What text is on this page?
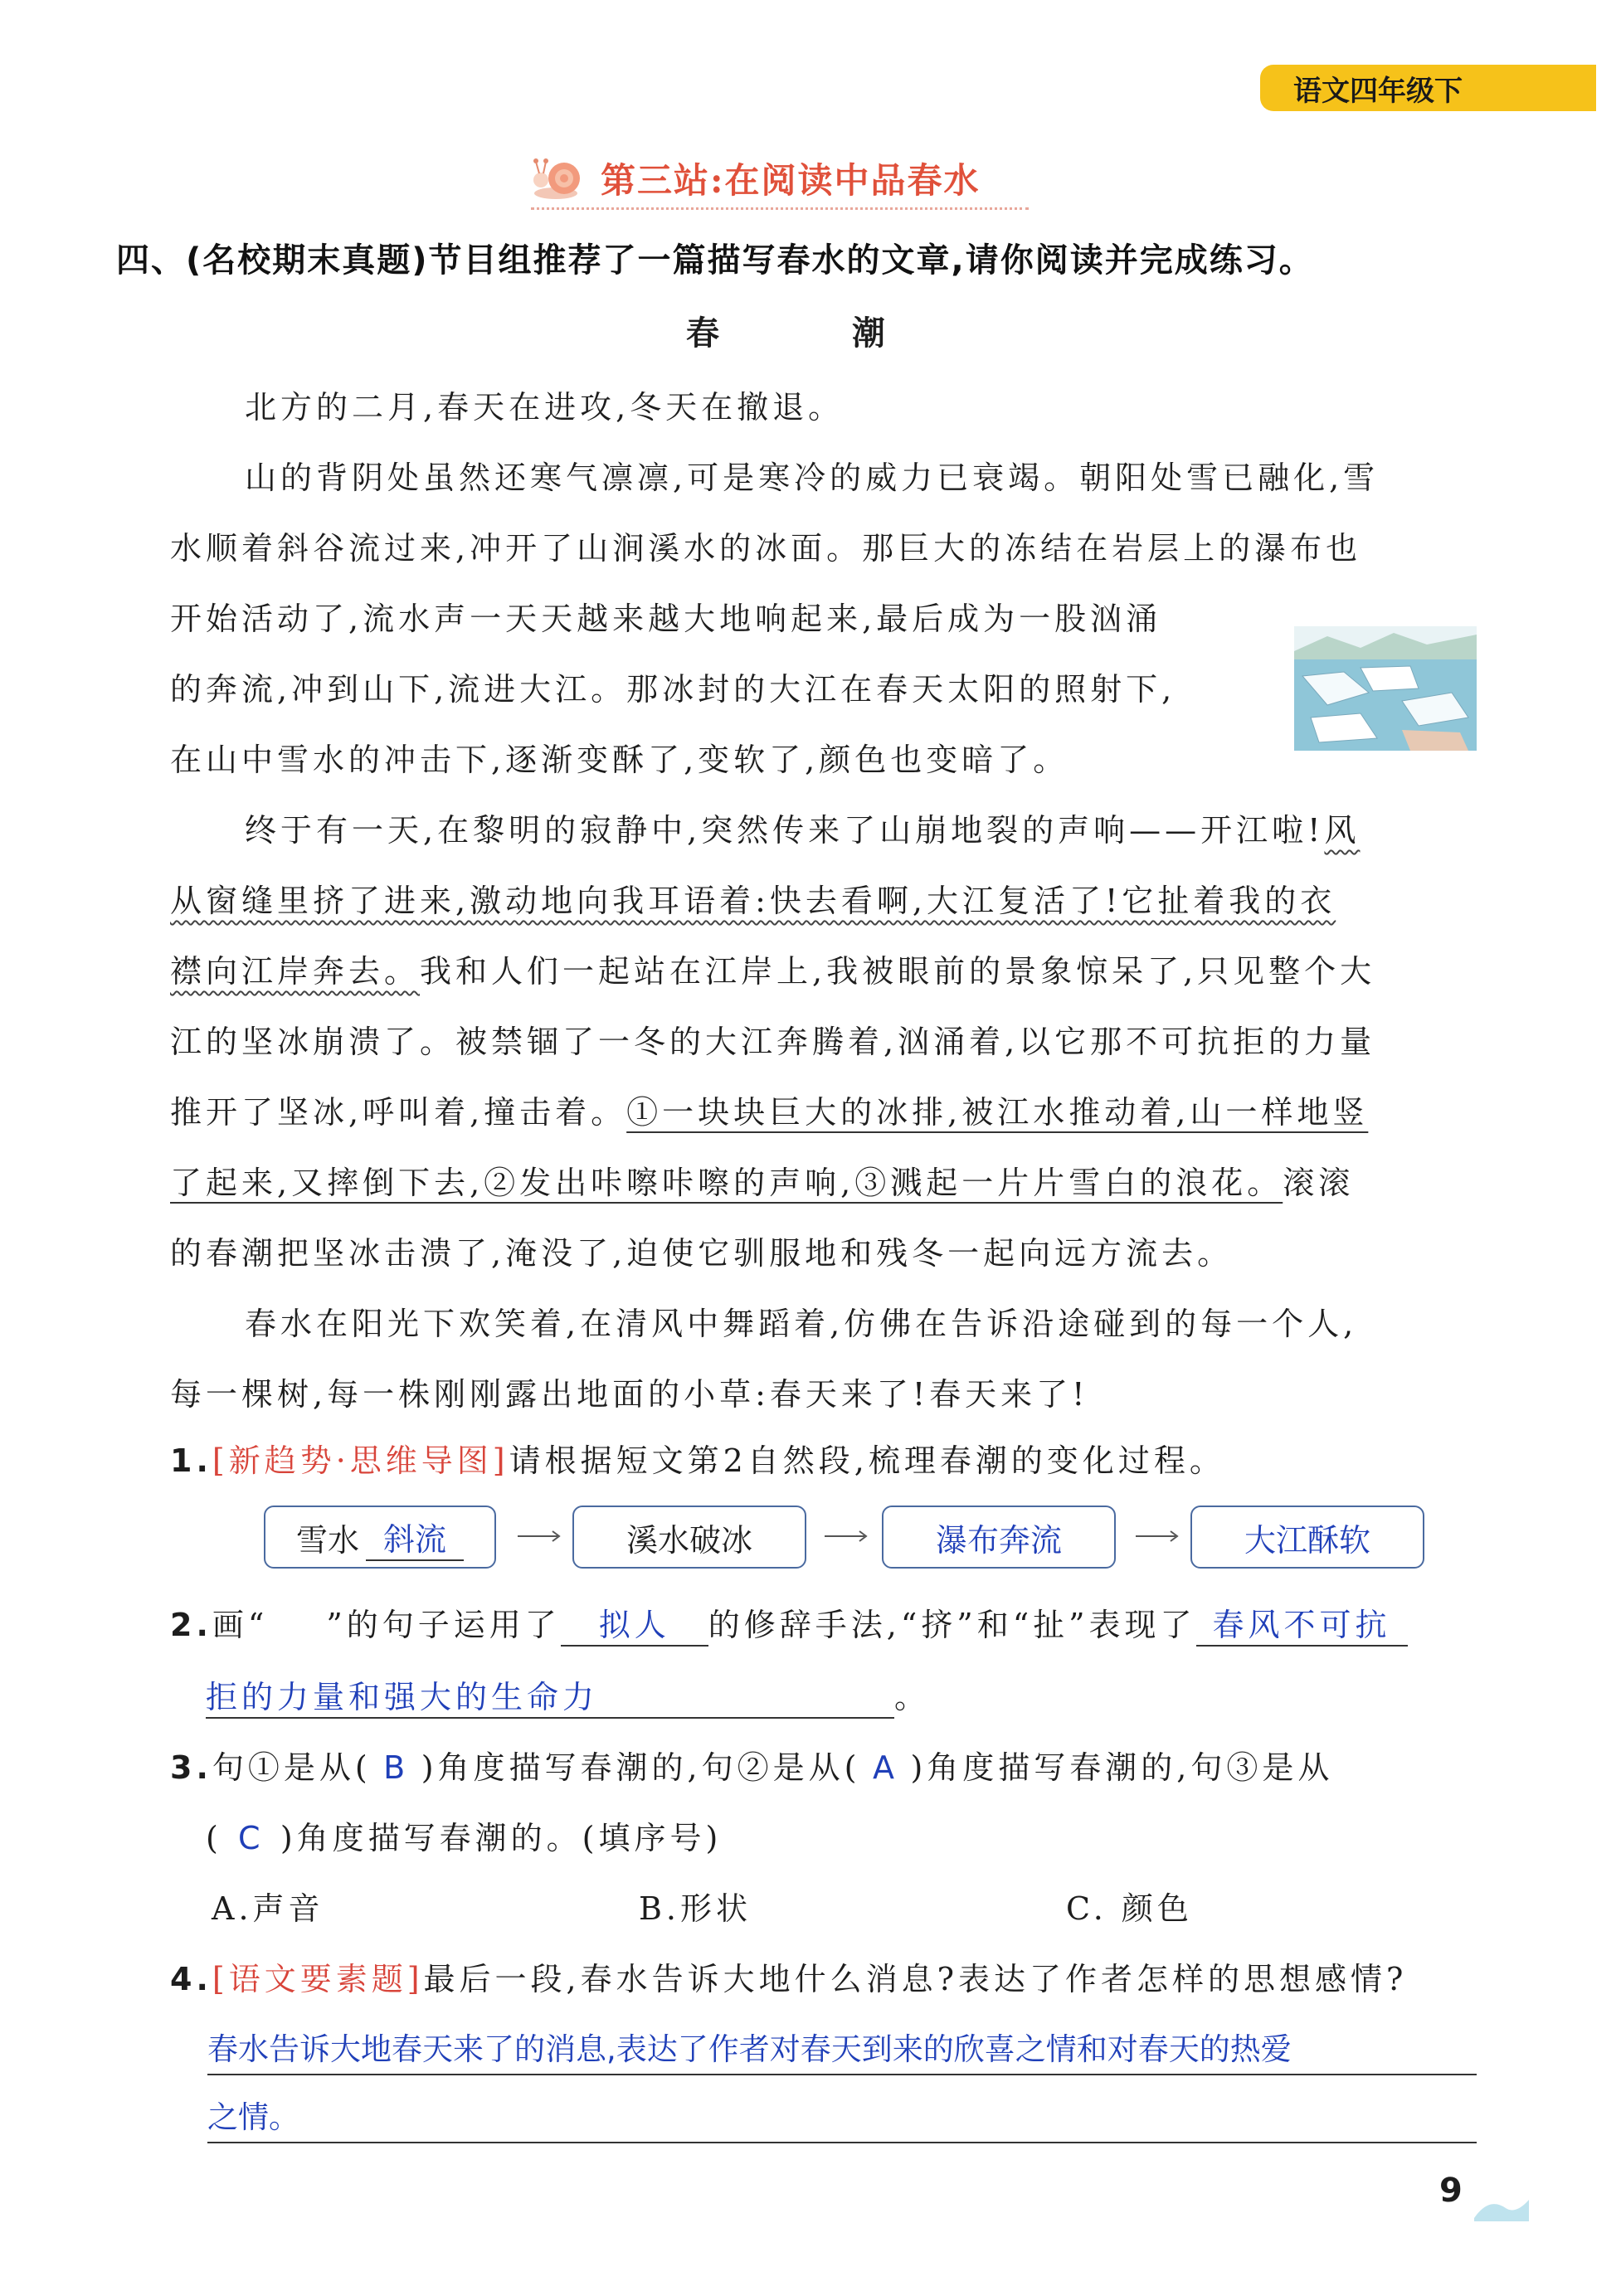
语文四年级下
第三站:在阅读中品春水
四、(名校期末真题)节目组推荐了一篇描写春水的文章,请你阅读并完成练习。
春　潮
北方的二月,春天在进攻,冬天在撤退。
山的背阴处虽然还寒气凛凛,可是寒冷的威力已衰竭。朝阳处雪已融化,雪
水顺着斜谷流过来,冲开了山涧溪水的冰面。那巨大的冻结在岩层上的瀑布也
开始活动了,流水声一天天越来越大地响起来,最后成为一股汹涌
的奔流,冲到山下,流进大江。那冰封的大江在春天太阳的照射下,
在山中雪水的冲击下,逐渐变酥了,变软了,颜色也变暗了。
终于有一天,在黎明的寂静中,突然传来了山崩地裂的声响——开江啦!风
从窗缝里挤了进来,激动地向我耳语着:快去看啊,大江复活了!它扯着我的衣
襟向江岸奔去。我和人们一起站在江岸上,我被眼前的景象惊呆了,只见整个大
江的坚冰崩溃了。被禁锢了一冬的大江奔腾着,汹涌着,以它那不可抗拒的力量
推开了坚冰,呼叫着,撞击着。①一块块巨大的冰排,被江水推动着,山一样地竖
了起来,又摔倒下去,②发出咔嚓咔嚓的声响,③溅起一片片雪白的浪花。滚滚
的春潮把坚冰击溃了,淹没了,迫使它驯服地和残冬一起向远方流去。
春水在阳光下欢笑着,在清风中舞蹈着,仿佛在告诉沿途碰到的每一个人,
每一棵树,每一株刚刚露出地面的小草:春天来了!春天来了!
1.[新趋势·思维导图]请根据短文第2自然段,梳理春潮的变化过程。
雪水 斜流	溪水破冰	瀑布奔流	大江酥软
2.画“ ”的句子运用了 拟人 的修辞手法,“挤”和“扯”表现了 春风不可抗
拒的力量和强大的生命力	。
3.句①是从( B )角度描写春潮的,句②是从( A )角度描写春潮的,句③是从
( C )角度描写春潮的。(填序号)
A.声音	B.形状	C. 颜色
4.[语文要素题]最后一段,春水告诉大地什么消息?表达了作者怎样的思想感情?
春水告诉大地春天来了的消息,表达了作者对春天到来的欣喜之情和对春天的热爱
之情。
9
